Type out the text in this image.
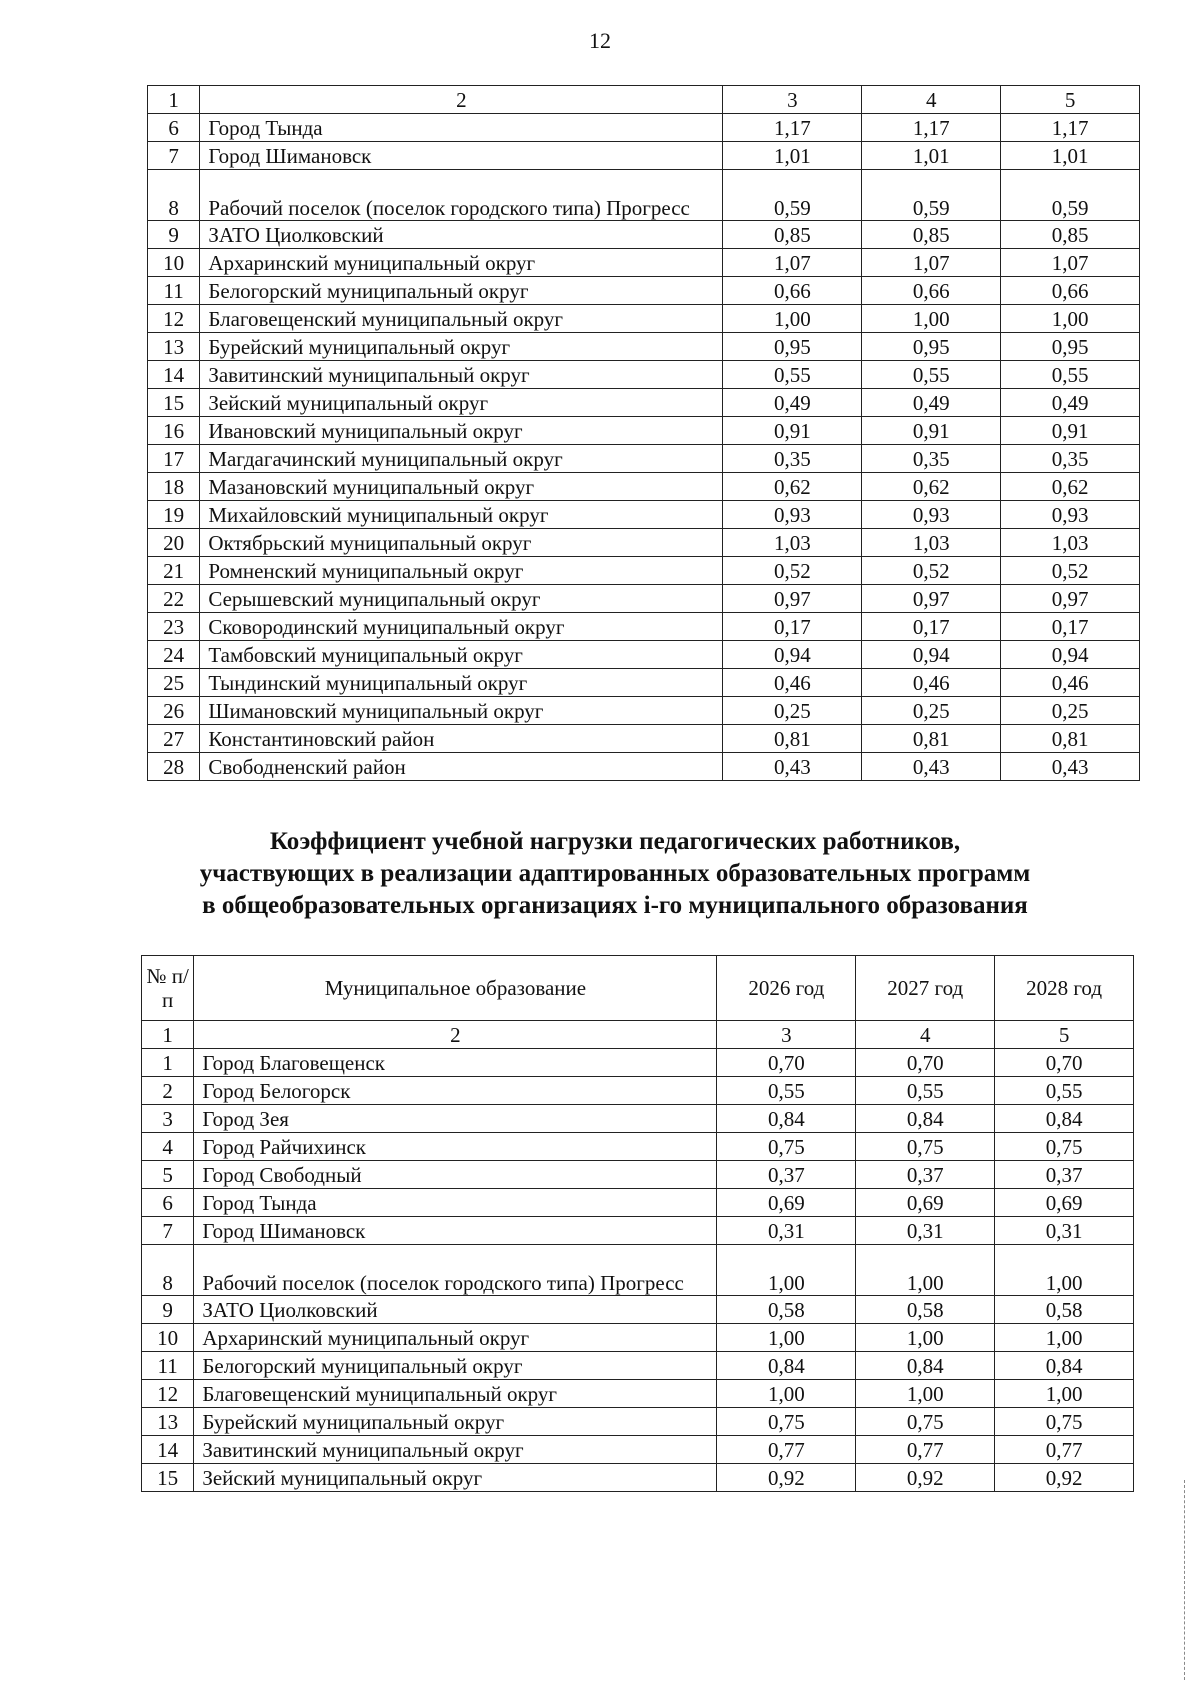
12
1	2	3	4	5
6	Город Тында	1,17	1,17	1,17
7	Город Шимановск	1,01	1,01	1,01
8	Рабочий поселок (поселок городского типа) Прогресс	0,59	0,59	0,59
9	ЗАТО Циолковский	0,85	0,85	0,85
10	Архаринский муниципальный округ	1,07	1,07	1,07
11	Белогорский муниципальный округ	0,66	0,66	0,66
12	Благовещенский муниципальный округ	1,00	1,00	1,00
13	Бурейский муниципальный округ	0,95	0,95	0,95
14	Завитинский муниципальный округ	0,55	0,55	0,55
15	Зейский муниципальный округ	0,49	0,49	0,49
16	Ивановский муниципальный округ	0,91	0,91	0,91
17	Магдагачинский муниципальный округ	0,35	0,35	0,35
18	Мазановский муниципальный округ	0,62	0,62	0,62
19	Михайловский муниципальный округ	0,93	0,93	0,93
20	Октябрьский муниципальный округ	1,03	1,03	1,03
21	Ромненский муниципальный округ	0,52	0,52	0,52
22	Серышевский муниципальный округ	0,97	0,97	0,97
23	Сковородинский муниципальный округ	0,17	0,17	0,17
24	Тамбовский муниципальный округ	0,94	0,94	0,94
25	Тындинский муниципальный округ	0,46	0,46	0,46
26	Шимановский муниципальный округ	0,25	0,25	0,25
27	Константиновский район	0,81	0,81	0,81
28	Свободненский район	0,43	0,43	0,43
Коэффициент учебной нагрузки педагогических работников,
участвующих в реализации адаптированных образовательных программ
в общеобразовательных организациях i-го муниципального образования
№ п/п	Муниципальное образование	2026 год	2027 год	2028 год
1	2	3	4	5
1	Город Благовещенск	0,70	0,70	0,70
2	Город Белогорск	0,55	0,55	0,55
3	Город Зея	0,84	0,84	0,84
4	Город Райчихинск	0,75	0,75	0,75
5	Город Свободный	0,37	0,37	0,37
6	Город Тында	0,69	0,69	0,69
7	Город Шимановск	0,31	0,31	0,31
8	Рабочий поселок (поселок городского типа) Прогресс	1,00	1,00	1,00
9	ЗАТО Циолковский	0,58	0,58	0,58
10	Архаринский муниципальный округ	1,00	1,00	1,00
11	Белогорский муниципальный округ	0,84	0,84	0,84
12	Благовещенский муниципальный округ	1,00	1,00	1,00
13	Бурейский муниципальный округ	0,75	0,75	0,75
14	Завитинский муниципальный округ	0,77	0,77	0,77
15	Зейский муниципальный округ	0,92	0,92	0,92
